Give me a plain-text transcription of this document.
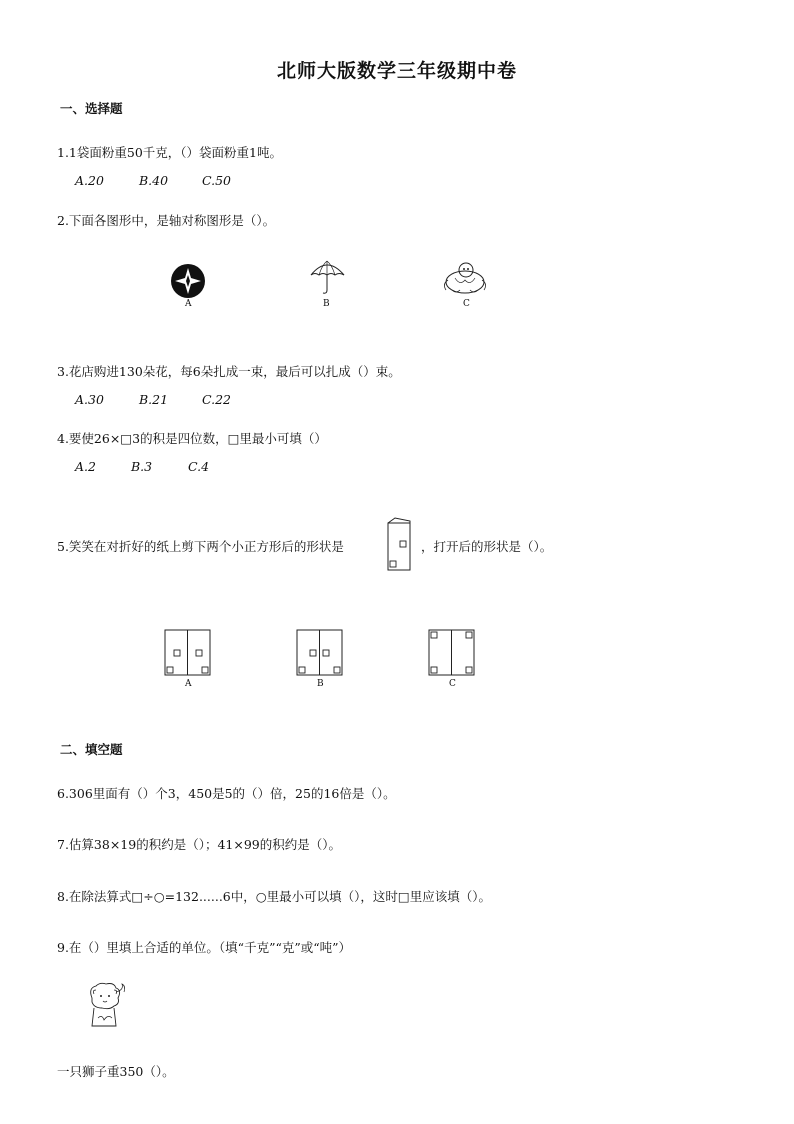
北师大版数学三年级期中卷
一、选择题
1.1袋面粉重50千克，（）袋面粉重1吨。
A.20	B.40	C.50
2.下面各图形中，是轴对称图形是（）。
A	B	C
3.花店购进130朵花，每6朵扎成一束，最后可以扎成（）束。
A.30	B.21	C.22
4.要使26×□3的积是四位数，□里最小可填（）
A.2	B.3	C.4
5.笑笑在对折好的纸上剪下两个小正方形后的形状是	，打开后的形状是（）。
A	B	C
二、填空题
6.306里面有（）个3，450是5的（）倍，25的16倍是（）。
7.估算38×19的积约是（）；41×99的积约是（）。
8.在除法算式□÷○=132......6中，○里最小可以填（），这时□里应该填（）。
9.在（）里填上合适的单位。（填“千克”“克”或“吨”）
一只狮子重350（）。
